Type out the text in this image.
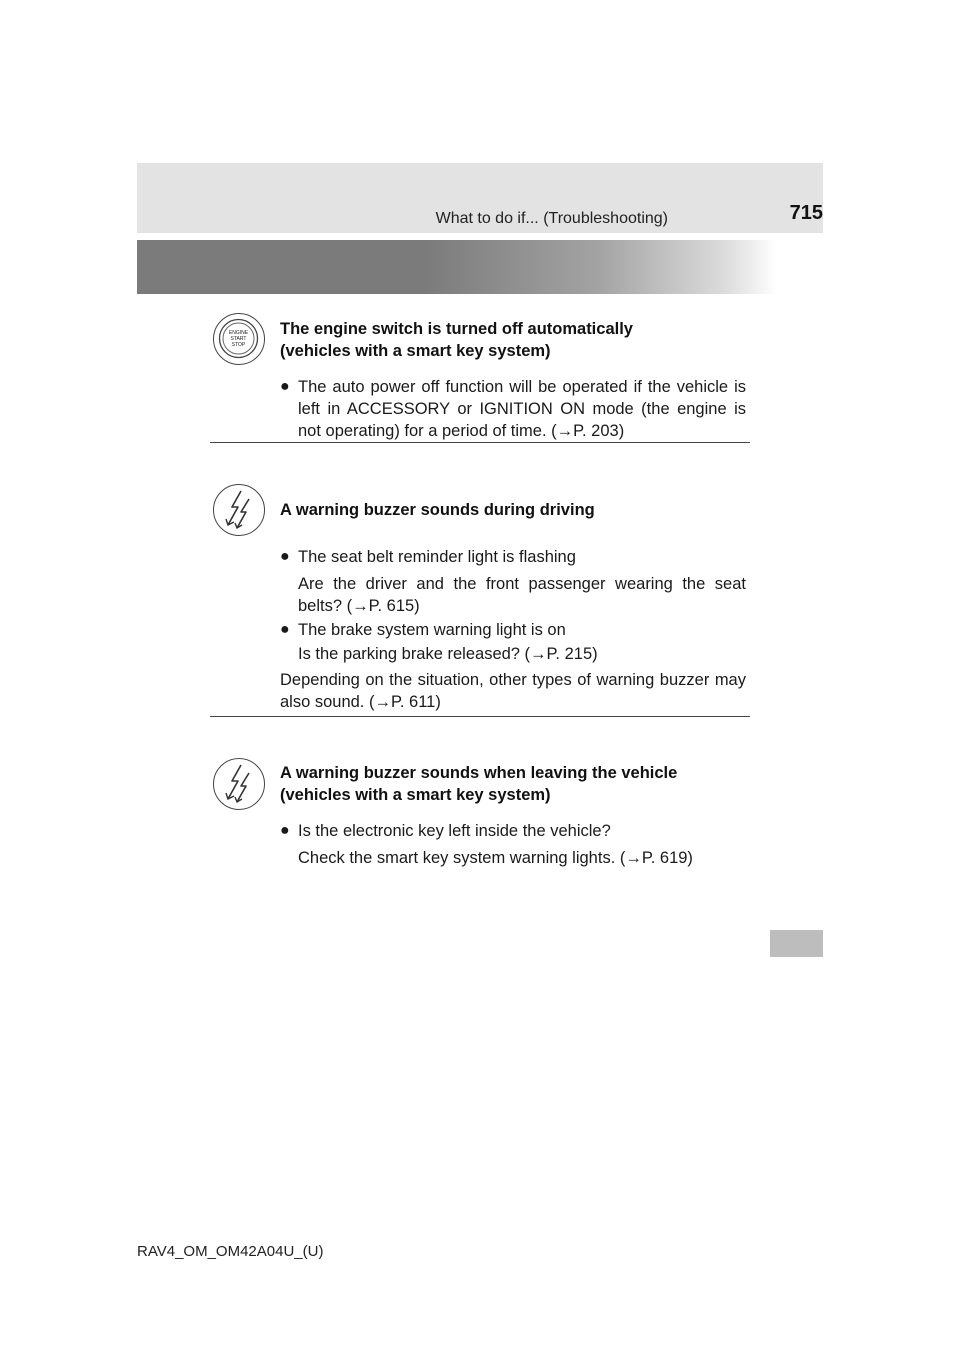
What to do if... (Troubleshooting)	715
ENGINE
START
STOP
The engine switch is turned off automatically
(vehicles with a smart key system)
● The auto power off function will be operated if the vehicle is left in ACCESSORY or IGNITION ON mode (the engine is not operating) for a period of time. (→P. 203)
A warning buzzer sounds during driving
● The seat belt reminder light is flashing
Are the driver and the front passenger wearing the seat belts? (→P. 615)
● The brake system warning light is on
Is the parking brake released? (→P. 215)
Depending on the situation, other types of warning buzzer may also sound. (→P. 611)
A warning buzzer sounds when leaving the vehicle
(vehicles with a smart key system)
● Is the electronic key left inside the vehicle?
Check the smart key system warning lights. (→P. 619)
RAV4_OM_OM42A04U_(U)
